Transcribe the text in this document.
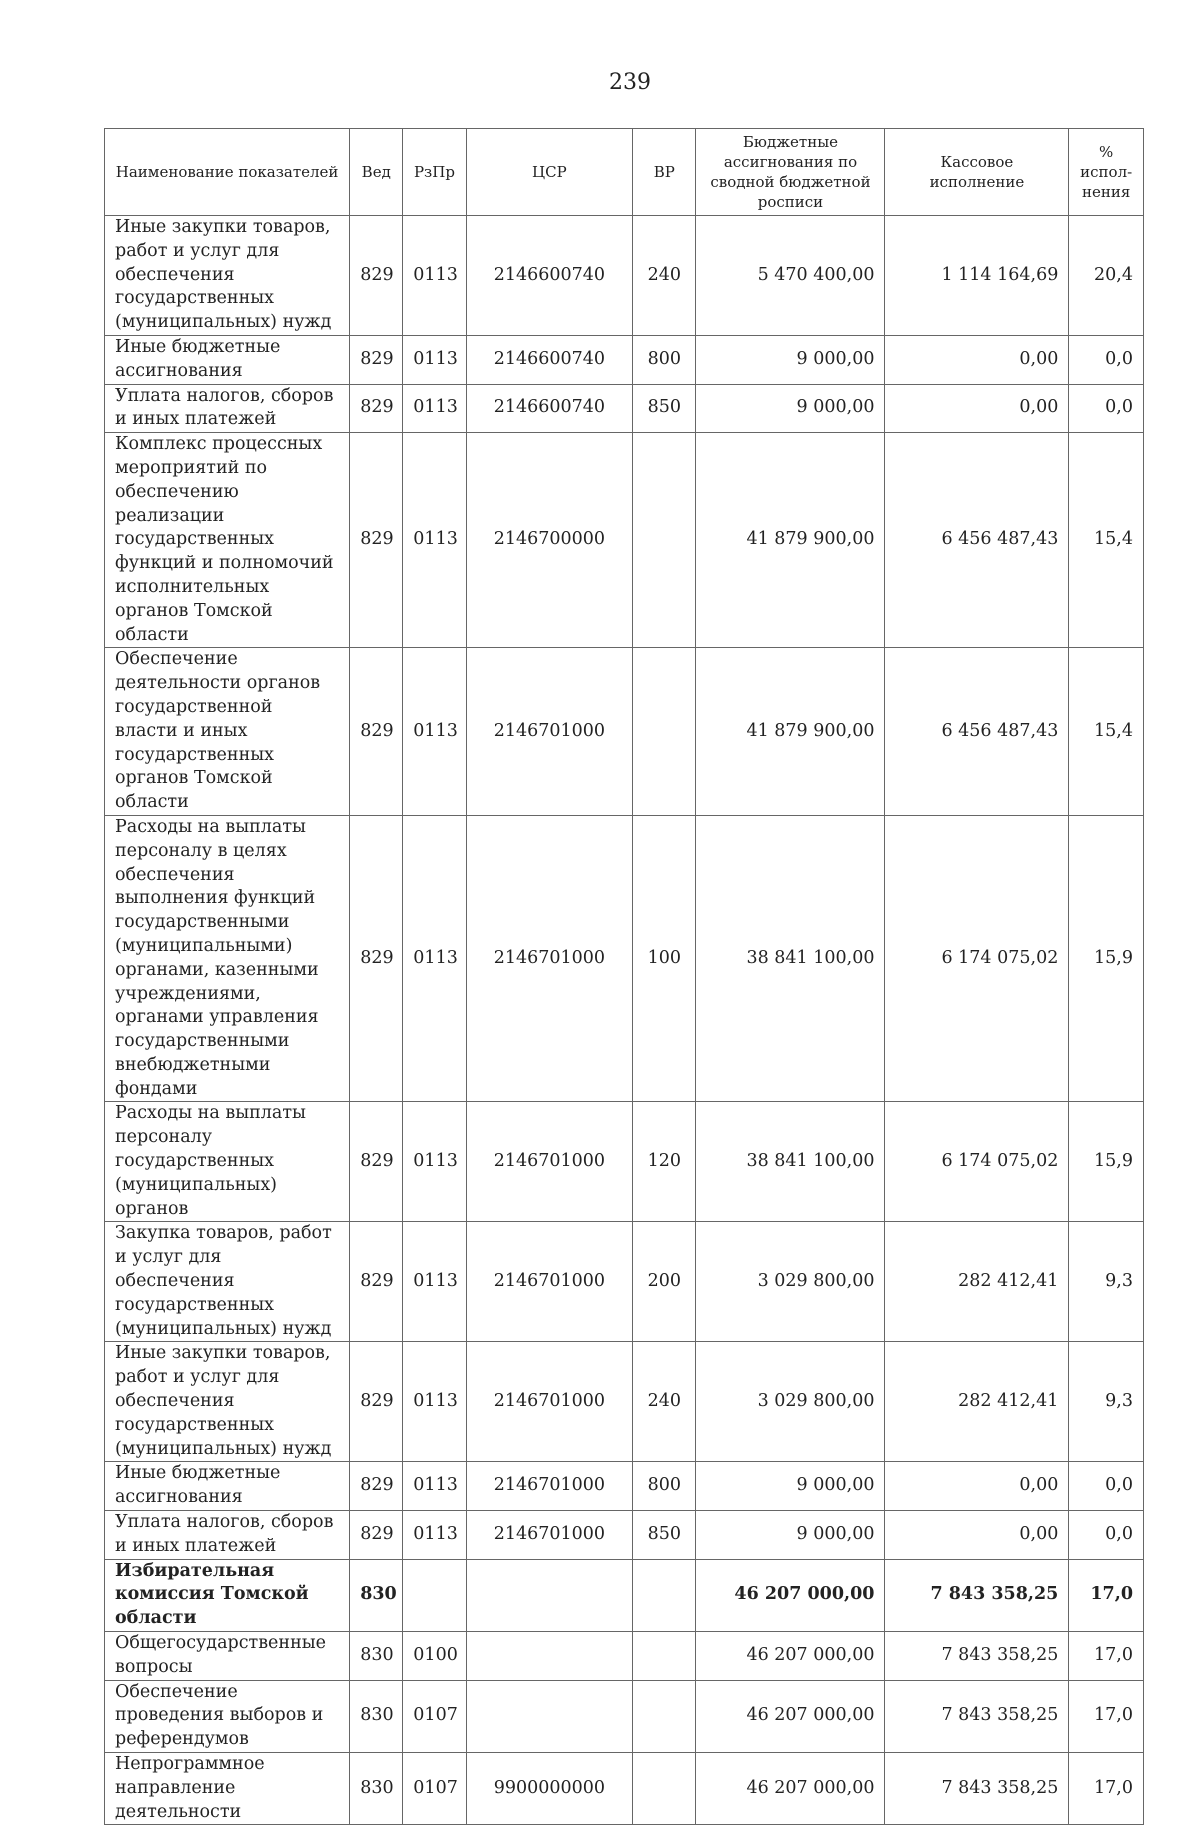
239
Наименование показателей	Вед	РзПр	ЦСР	ВР	Бюджетные ассигнования по сводной бюджетной росписи	Кассовое исполнение	% испол-нения
Иные закупки товаров, работ и услуг для обеспечения государственных (муниципальных) нужд	829	0113	2146600740	240	5 470 400,00	1 114 164,69	20,4
Иные бюджетные ассигнования	829	0113	2146600740	800	9 000,00	0,00	0,0
Уплата налогов, сборов и иных платежей	829	0113	2146600740	850	9 000,00	0,00	0,0
Комплекс процессных мероприятий по обеспечению реализации государственных функций и полномочий исполнительных органов Томской области	829	0113	2146700000		41 879 900,00	6 456 487,43	15,4
Обеспечение деятельности органов государственной власти и иных государственных органов Томской области	829	0113	2146701000		41 879 900,00	6 456 487,43	15,4
Расходы на выплаты персоналу в целях обеспечения выполнения функций государственными (муниципальными) органами, казенными учреждениями, органами управления государственными внебюджетными фондами	829	0113	2146701000	100	38 841 100,00	6 174 075,02	15,9
Расходы на выплаты персоналу государственных (муниципальных) органов	829	0113	2146701000	120	38 841 100,00	6 174 075,02	15,9
Закупка товаров, работ и услуг для обеспечения государственных (муниципальных) нужд	829	0113	2146701000	200	3 029 800,00	282 412,41	9,3
Иные закупки товаров, работ и услуг для обеспечения государственных (муниципальных) нужд	829	0113	2146701000	240	3 029 800,00	282 412,41	9,3
Иные бюджетные ассигнования	829	0113	2146701000	800	9 000,00	0,00	0,0
Уплата налогов, сборов и иных платежей	829	0113	2146701000	850	9 000,00	0,00	0,0
Избирательная комиссия Томской области	830				46 207 000,00	7 843 358,25	17,0
Общегосударственные вопросы	830	0100			46 207 000,00	7 843 358,25	17,0
Обеспечение проведения выборов и референдумов	830	0107			46 207 000,00	7 843 358,25	17,0
Непрограммное направление деятельности	830	0107	9900000000		46 207 000,00	7 843 358,25	17,0
